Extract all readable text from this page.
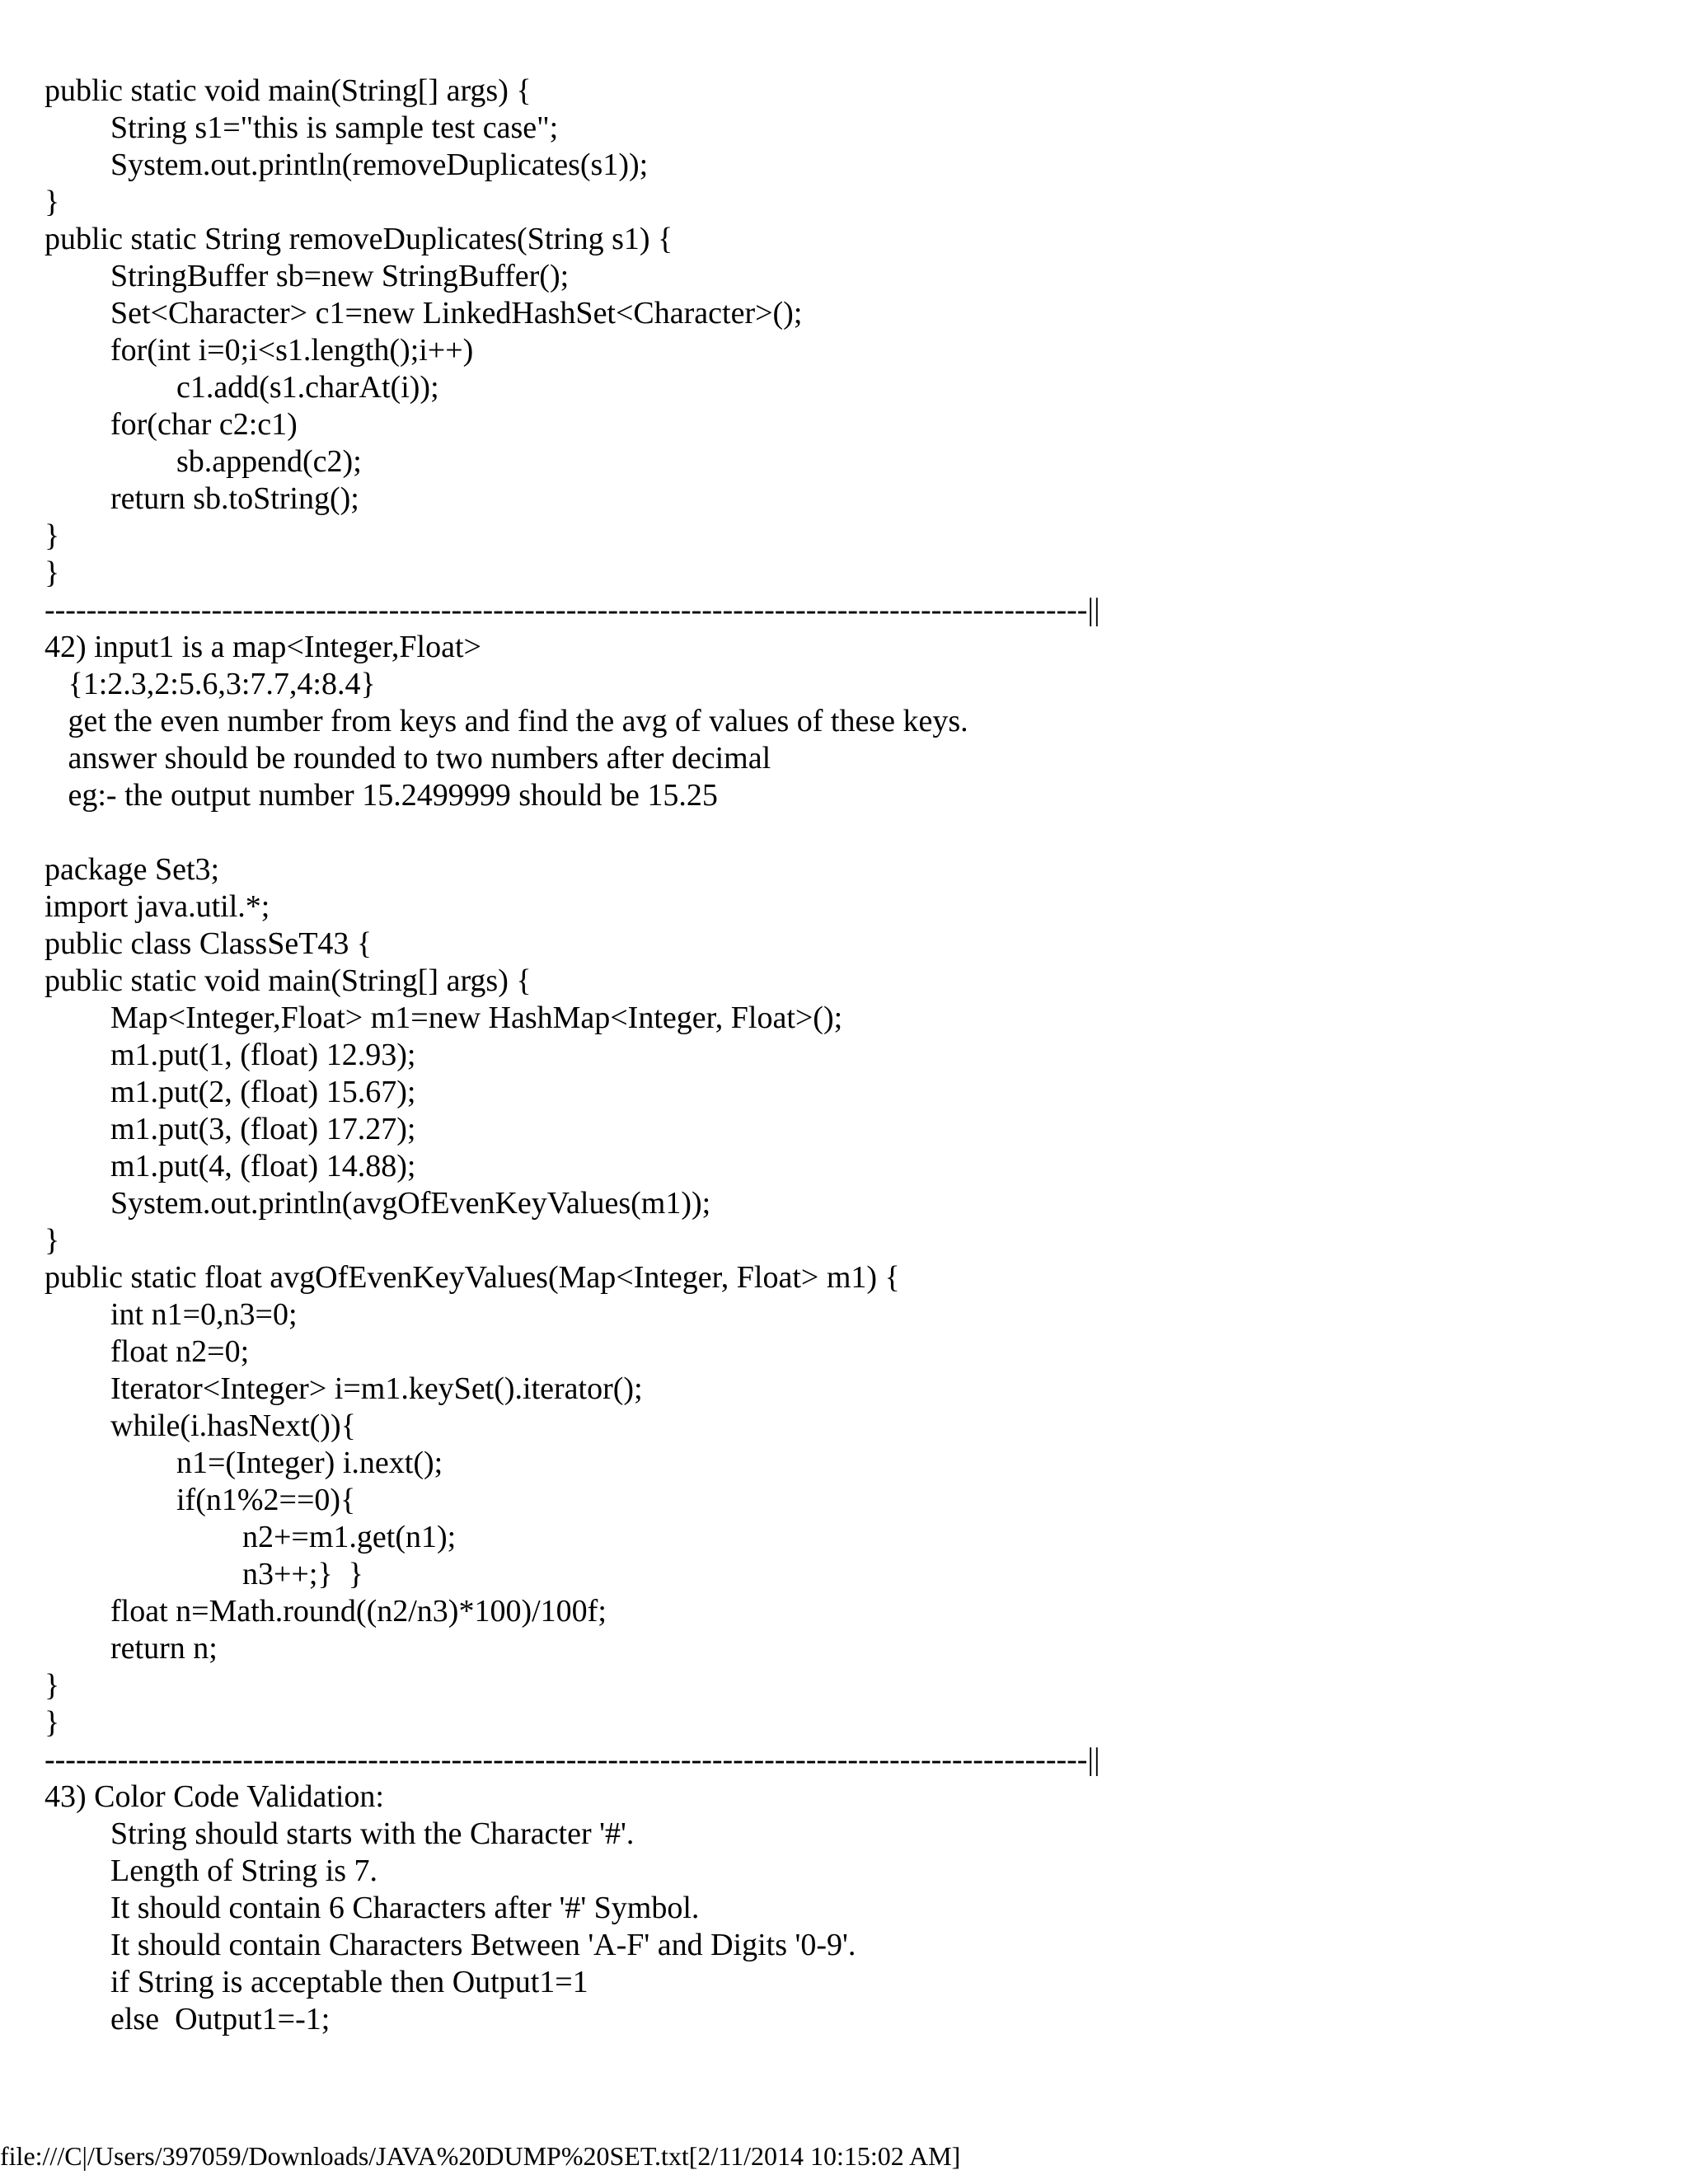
public static void main(String[] args) {
	String s1="this is sample test case";
	System.out.println(removeDuplicates(s1));
}
public static String removeDuplicates(String s1) {
	StringBuffer sb=new StringBuffer();
	Set<Character> c1=new LinkedHashSet<Character>();
	for(int i=0;i<s1.length();i++)
		c1.add(s1.charAt(i));
	for(char c2:c1)
		sb.append(c2);
	return sb.toString();
}
}
----------------------------------------------------------------------------------------------------||
42) input1 is a map<Integer,Float>
{1:2.3,2:5.6,3:7.7,4:8.4}
get the even number from keys and find the avg of values of these keys.
answer should be rounded to two numbers after decimal
eg:- the output number 15.2499999 should be 15.25
package Set3;
import java.util.*;
public class ClassSeT43 {
public static void main(String[] args) {
	Map<Integer,Float> m1=new HashMap<Integer, Float>();
	m1.put(1, (float) 12.93);
	m1.put(2, (float) 15.67);
	m1.put(3, (float) 17.27);
	m1.put(4, (float) 14.88);
	System.out.println(avgOfEvenKeyValues(m1));
}
public static float avgOfEvenKeyValues(Map<Integer, Float> m1) {
	int n1=0,n3=0;
	float n2=0;
	Iterator<Integer> i=m1.keySet().iterator();
	while(i.hasNext()){
		n1=(Integer) i.next();
		if(n1%2==0){
			n2+=m1.get(n1);
			n3++;}  }
	float n=Math.round((n2/n3)*100)/100f;
	return n;
}
}
----------------------------------------------------------------------------------------------------||
43) Color Code Validation:
	String should starts with the Character '#'.
	Length of String is 7.
	It should contain 6 Characters after '#' Symbol.
	It should contain Characters Between 'A-F' and Digits '0-9'.
	if String is acceptable then Output1=1
	else  Output1=-1;
file:///C|/Users/397059/Downloads/JAVA%20DUMP%20SET.txt[2/11/2014 10:15:02 AM]
